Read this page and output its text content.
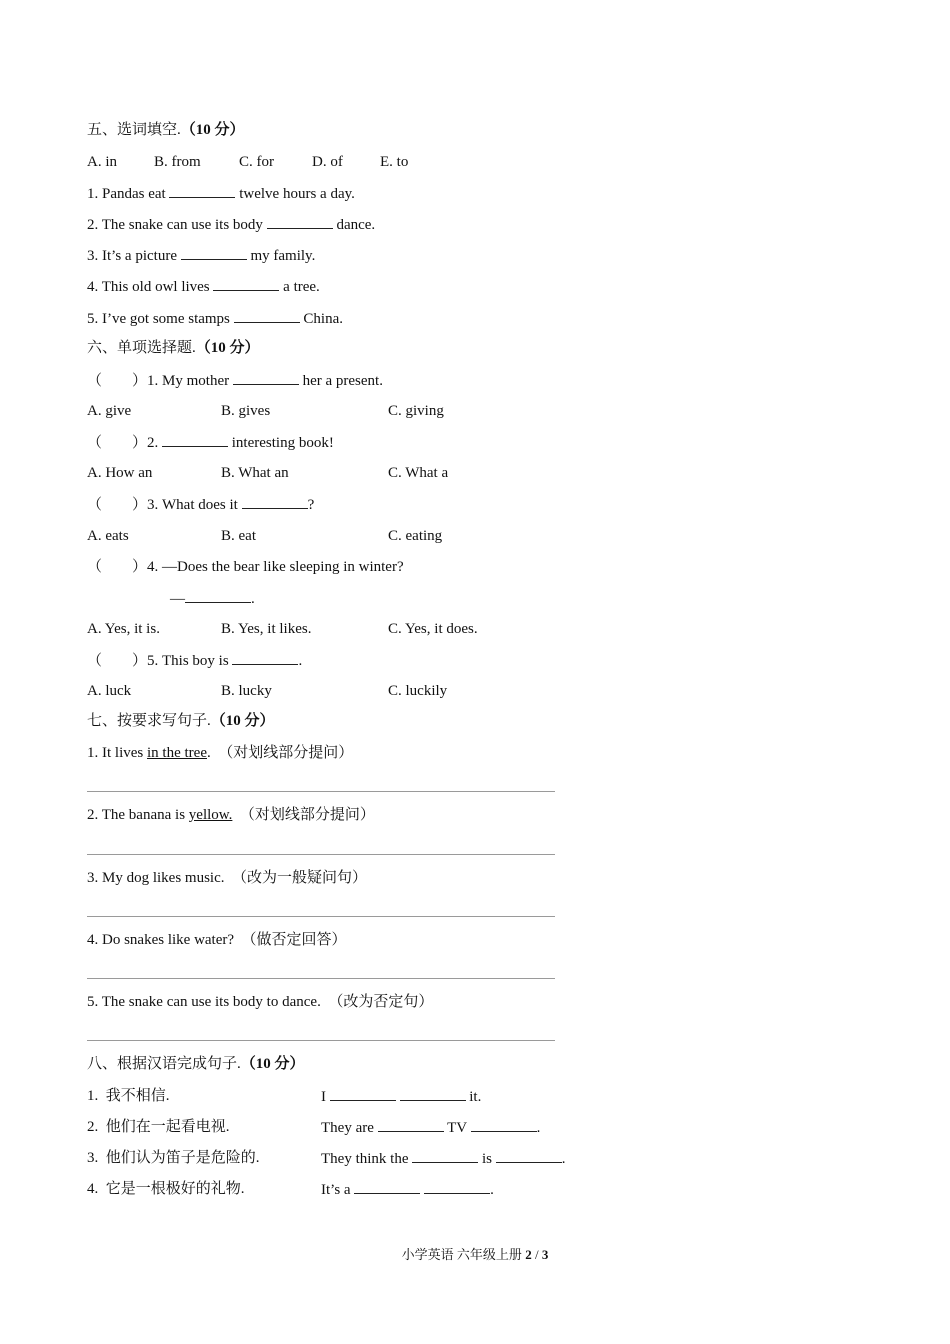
五、选词填空.（10 分）
A. in B. from	C. for	D. of E. to
1. Pandas eat	twelve hours a day.
2. The snake can use its body	dance.
3. It’s a picture	my family.
4. This old owl lives	a tree.
5. I’ve got some stamps	China.
六、单项选择题.（10 分）
（        ）1. My mother	her a present.
A. give	B. gives	C. giving
（        ）2.	interesting book!
A. How an	B. What an	C. What a
（        ）3. What does it	?
A. eats	B. eat	C. eating
（        ）4. —Does the bear like sleeping in winter?
—	.
A. Yes, it is.	B. Yes, it likes.	C. Yes, it does.
（        ）5. This boy is	.
A. luck	B. lucky	C. luckily
七、按要求写句子.（10 分）
1. It lives in the tree. （对划线部分提问）
2. The banana is yellow. （对划线部分提问）
3. My dog likes music. （改为一般疑问句）
4. Do snakes like water? （做否定回答）
5. The snake can use its body to dance. （改为否定句）
八、根据汉语完成句子.（10 分）
1.  我不相信.	I	it.
2.  他们在一起看电视.	They are	TV	.
3.  他们认为笛子是危险的.	They think the	is	.
4.  它是一根极好的礼物.	It’s a	.
小学英语 六年级上册 2 / 3
